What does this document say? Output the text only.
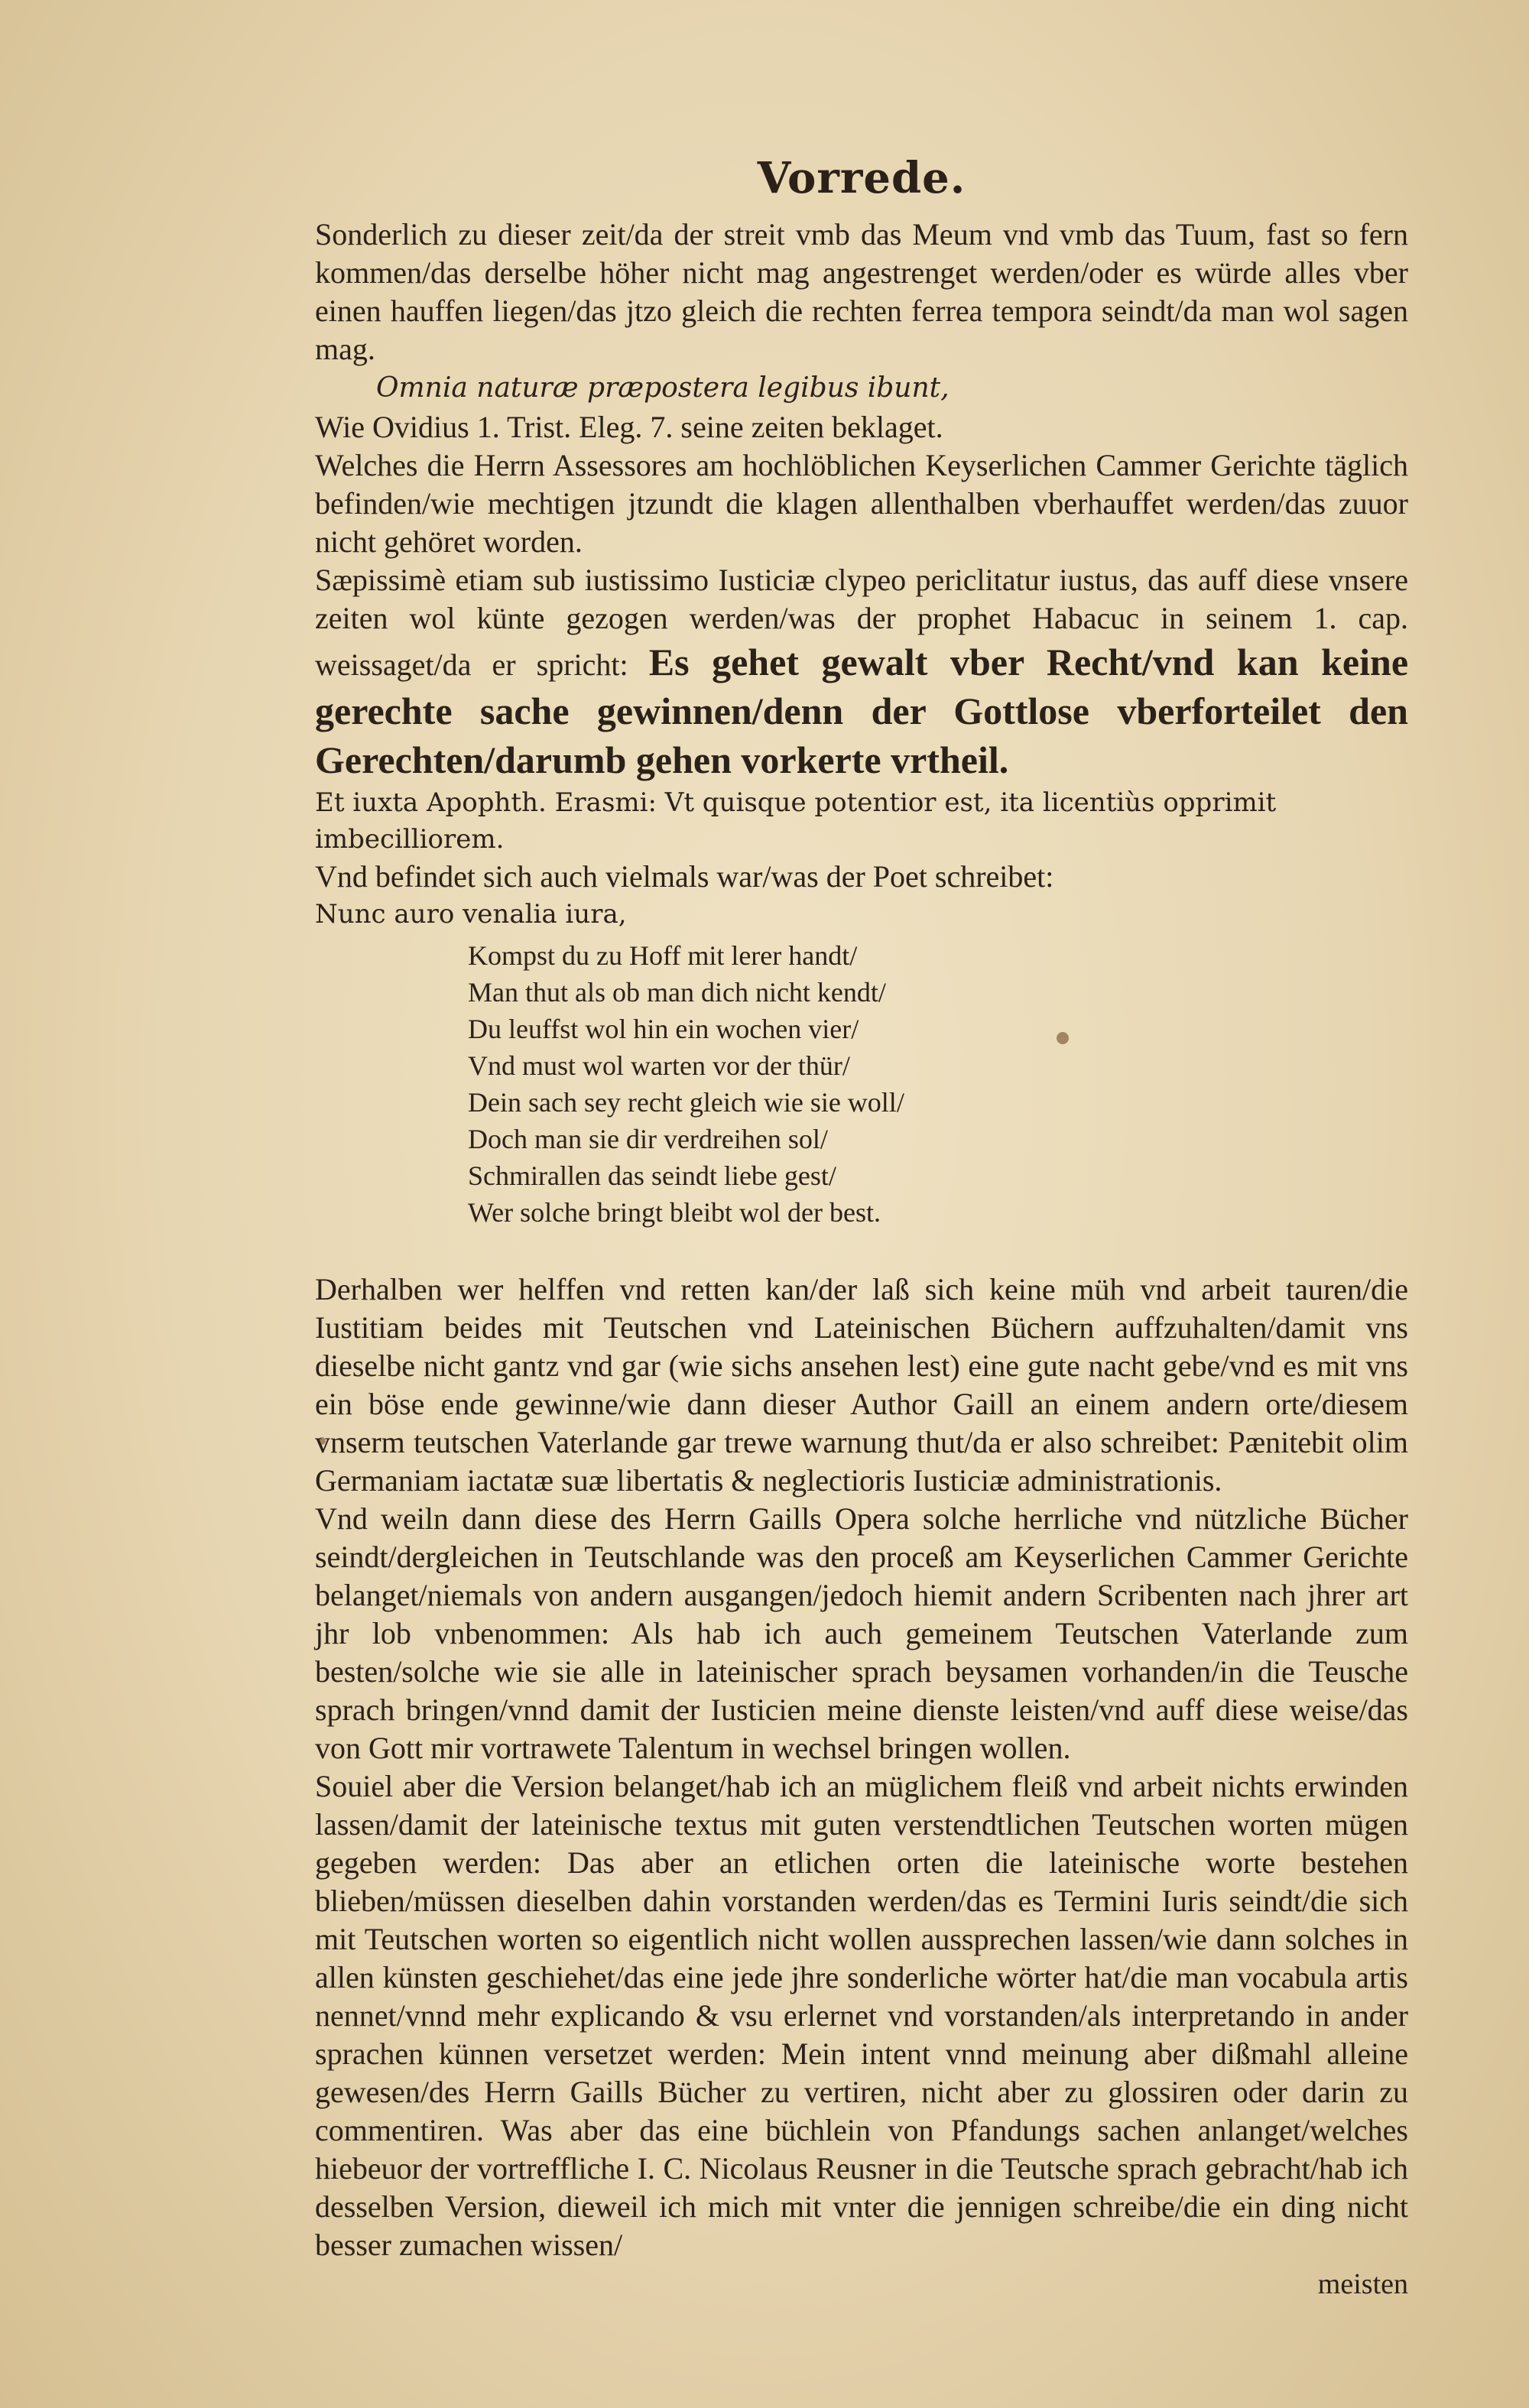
Vorrede.

Sonderlich zu dieser zeit/da der streit vmb das Meum vnd vmb das Tuum, fast so fern kommen/das derselbe höher nicht mag angestrenget werden/oder es würde alles vber einen hauffen liegen/das jtzo gleich die rechten ferrea tempora seindt/da man wol sagen mag.

Omnia naturæ præpostera legibus ibunt,

Wie Ovidius 1. Trist. Eleg. 7. seine zeiten beklaget.

Welches die Herrn Assessores am hochlöblichen Keyserlichen Cammer Gerichte täglich befinden/wie mechtigen jtzundt die klagen allenthalben vberhauffet werden/das zuuor nicht gehöret worden.

Sæpissimè etiam sub iustissimo Iusticiæ clypeo periclitatur iustus, das auff diese vnsere zeiten wol künte gezogen werden/was der prophet Habacuc in seinem 1. cap. weissaget/da er spricht: Es gehet gewalt vber Recht/vnd kan keine gerechte sache gewinnen/denn der Gottlose vberforteilet den Gerechten/darumb gehen vorkerte vrtheil.

Et iuxta Apophth. Erasmi: Vt quisque potentior est, ita licentiùs opprimit imbecilliorem.

Vnd befindet sich auch vielmals war/was der Poet schreibet:

Nunc auro venalia iura,

Kompst du zu Hoff mit lerer handt/

Man thut als ob man dich nicht kendt/

Du leuffst wol hin ein wochen vier/

Vnd must wol warten vor der thür/

Dein sach sey recht gleich wie sie woll/

Doch man sie dir verdreihen sol/

Schmirallen das seindt liebe gest/

Wer solche bringt bleibt wol der best.

Derhalben wer helffen vnd retten kan/der laß sich keine müh vnd arbeit tauren/die Iustitiam beides mit Teutschen vnd Lateinischen Büchern auffzuhalten/damit vns dieselbe nicht gantz vnd gar (wie sichs ansehen lest) eine gute nacht gebe/vnd es mit vns ein böse ende gewinne/wie dann dieser Author Gaill an einem andern orte/diesem vnserm teutschen Vaterlande gar trewe warnung thut/da er also schreibet: Pænitebit olim Germaniam iactatæ suæ libertatis & neglectioris Iusticiæ administrationis.

Vnd weiln dann diese des Herrn Gaills Opera solche herrliche vnd nützliche Bücher seindt/dergleichen in Teutschlande was den proceß am Keyserlichen Cammer Gerichte belanget/niemals von andern ausgangen/jedoch hiemit andern Scribenten nach jhrer art jhr lob vnbenommen: Als hab ich auch gemeinem Teutschen Vaterlande zum besten/solche wie sie alle in lateinischer sprach beysamen vorhanden/in die Teusche sprach bringen/vnnd damit der Iusticien meine dienste leisten/vnd auff diese weise/das von Gott mir vortrawete Talentum in wechsel bringen wollen.

Souiel aber die Version belanget/hab ich an müglichem fleiß vnd arbeit nichts erwinden lassen/damit der lateinische textus mit guten verstendtlichen Teutschen worten mügen gegeben werden: Das aber an etlichen orten die lateinische worte bestehen blieben/müssen dieselben dahin vorstanden werden/das es Termini Iuris seindt/die sich mit Teutschen worten so eigentlich nicht wollen aussprechen lassen/wie dann solches in allen künsten geschiehet/das eine jede jhre sonderliche wörter hat/die man vocabula artis nennet/vnnd mehr explicando & vsu erlernet vnd vorstanden/als interpretando in ander sprachen künnen versetzet werden: Mein intent vnnd meinung aber dißmahl alleine gewesen/des Herrn Gaills Bücher zu vertiren, nicht aber zu glossiren oder darin zu commentiren. Was aber das eine büchlein von Pfandungs sachen anlanget/welches hiebeuor der vortreffliche I. C. Nicolaus Reusner in die Teutsche sprach gebracht/hab ich desselben Version, dieweil ich mich mit vnter die jennigen schreibe/die ein ding nicht besser zumachen wissen/

meisten
